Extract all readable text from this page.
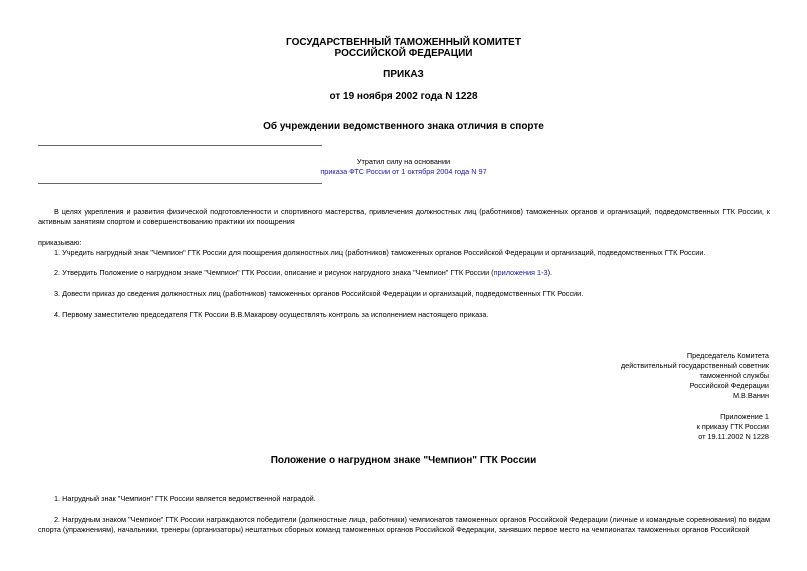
ГОСУДАРСТВЕННЫЙ ТАМОЖЕННЫЙ КОМИТЕТ
РОССИЙСКОЙ ФЕДЕРАЦИИ
ПРИКАЗ
от 19 ноября 2002 года N 1228
Об учреждении ведомственного знака отличия в спорте
Утратил силу на основании
приказа ФТС России от 1 октября 2004 года N 97
В целях укрепления и развития физической подготовленности и спортивного мастерства, привлечения должностных лиц (работников) таможенных органов и организаций, подведомственных ГТК России, к активным занятиям спортом и совершенствованию практики их поощрения
приказываю:
1. Учредить нагрудный знак "Чемпион" ГТК России для поощрения должностных лиц (работников) таможенных органов Российской Федерации и организаций, подведомственных ГТК России.
2. Утвердить Положение о нагрудном знаке "Чемпион" ГТК России, описание и рисунок нагрудного знака "Чемпион" ГТК России (приложения 1-3).
3. Довести приказ до сведения должностных лиц (работников) таможенных органов Российской Федерации и организаций, подведомственных ГТК России.
4. Первому заместителю председателя ГТК России В.В.Макарову осуществлять контроль за исполнением настоящего приказа.
Председатель Комитета
действительный государственный советник
таможенной службы
Российской Федерации
М.В.Ванин
Приложение 1
к приказу ГТК России
от 19.11.2002 N 1228
Положение о нагрудном знаке "Чемпион" ГТК России
1. Нагрудный знак "Чемпион" ГТК России является ведомственной наградой.
2. Нагрудным знаком "Чемпион" ГТК России награждаются победители (должностные лица, работники) чемпионатов таможенных органов Российской Федерации (личные и командные соревнования) по видам спорта (упражнениям), начальники, тренеры (организаторы) нештатных сборных команд таможенных органов Российской Федерации, занявших первое место на чемпионатах таможенных органов Российской
